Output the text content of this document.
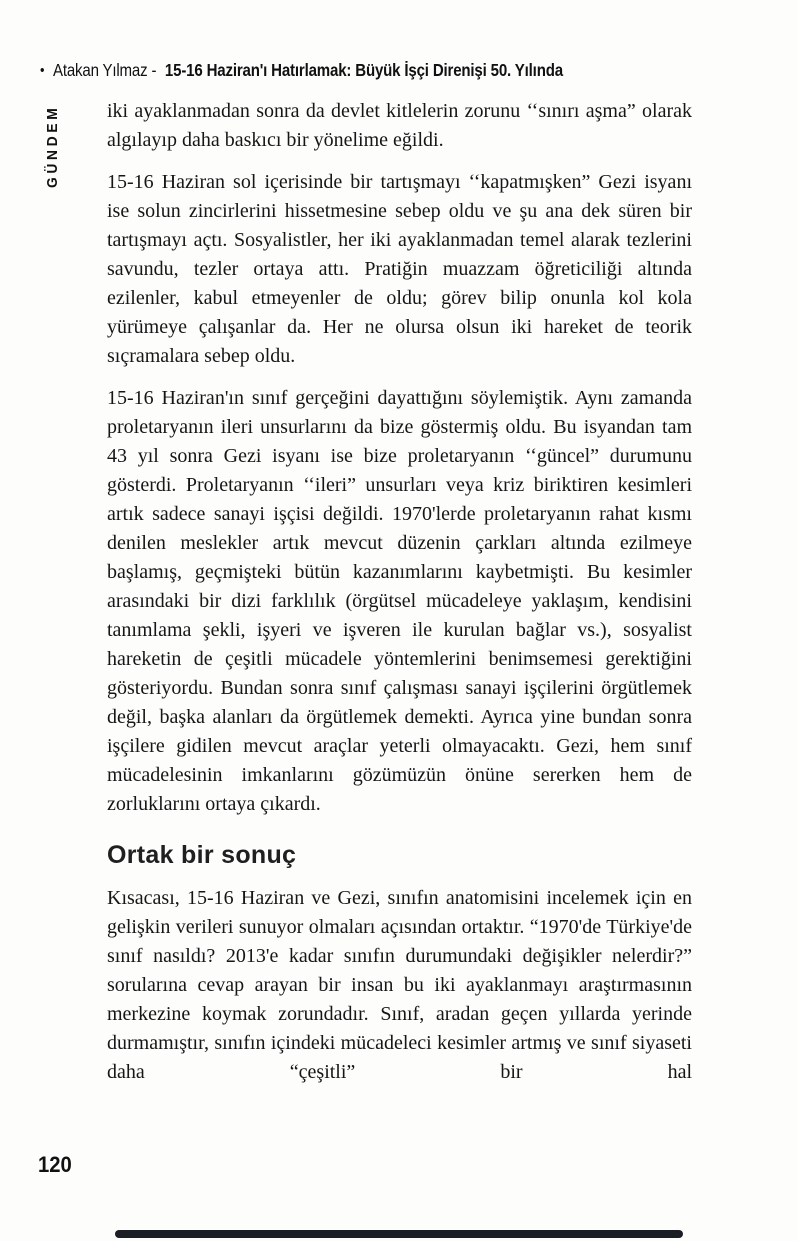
• Atakan Yılmaz - 15-16 Haziran'ı Hatırlamak: Büyük İşçi Direnişi 50. Yılında
GÜNDEM iki ayaklanmadan sonra da devlet kitlelerin zorunu ‘‘sınırı aşma” olarak algılayıp daha baskıcı bir yönelime eğildi.

15-16 Haziran sol içerisinde bir tartışmayı ‘‘kapatmışken” Gezi isyanı ise solun zincirlerini hissetmesine sebep oldu ve şu ana dek süren bir tartışmayı açtı. Sosyalistler, her iki ayaklanmadan temel alarak tezlerini savundu, tezler ortaya attı. Pratiğin muazzam öğreticiliği altında ezilenler, kabul etmeyenler de oldu; görev bilip onunla kol kola yürümeye çalışanlar da. Her ne olursa olsun iki hareket de teorik sıçramalara sebep oldu.

15-16 Haziran'ın sınıf gerçeğini dayattığını söylemiştik. Aynı zamanda proletaryanın ileri unsurlarını da bize göstermiş oldu. Bu isyandan tam 43 yıl sonra Gezi isyanı ise bize proletaryanın ‘‘güncel” durumunu gösterdi. Proletaryanın ‘‘ileri” unsurları veya kriz biriktiren kesimleri artık sadece sanayi işçisi değildi. 1970'lerde proletaryanın rahat kısmı denilen meslekler artık mevcut düzenin çarkları altında ezilmeye başlamış, geçmişteki bütün kazanımlarını kaybetmişti. Bu kesimler arasındaki bir dizi farklılık (örgütsel mücadeleye yaklaşım, kendisini tanımlama şekli, işyeri ve işveren ile kurulan bağlar vs.), sosyalist hareketin de çeşitli mücadele yöntemlerini benimsemesi gerektiğini gösteriyordu. Bundan sonra sınıf çalışması sanayi işçilerini örgütlemek değil, başka alanları da örgütlemek demekti. Ayrıca yine bundan sonra işçilere gidilen mevcut araçlar yeterli olmayacaktı. Gezi, hem sınıf mücadelesinin imkanlarını gözümüzün önüne sererken hem de zorluklarını ortaya çıkardı.

Ortak bir sonuç

Kısacası, 15-16 Haziran ve Gezi, sınıfın anatomisini incelemek için en gelişkin verileri sunuyor olmaları açısından ortaktır. “1970'de Türkiye'de sınıf nasıldı? 2013'e kadar sınıfın durumundaki değişikler nelerdir?” sorularına cevap arayan bir insan bu iki ayaklanmayı araştırmasının merkezine koymak zorundadır. Sınıf, aradan geçen yıllarda yerinde durmamıştır, sınıfın içindeki mücadeleci kesimler artmış ve sınıf siyaseti daha “çeşitli” bir hal

120
